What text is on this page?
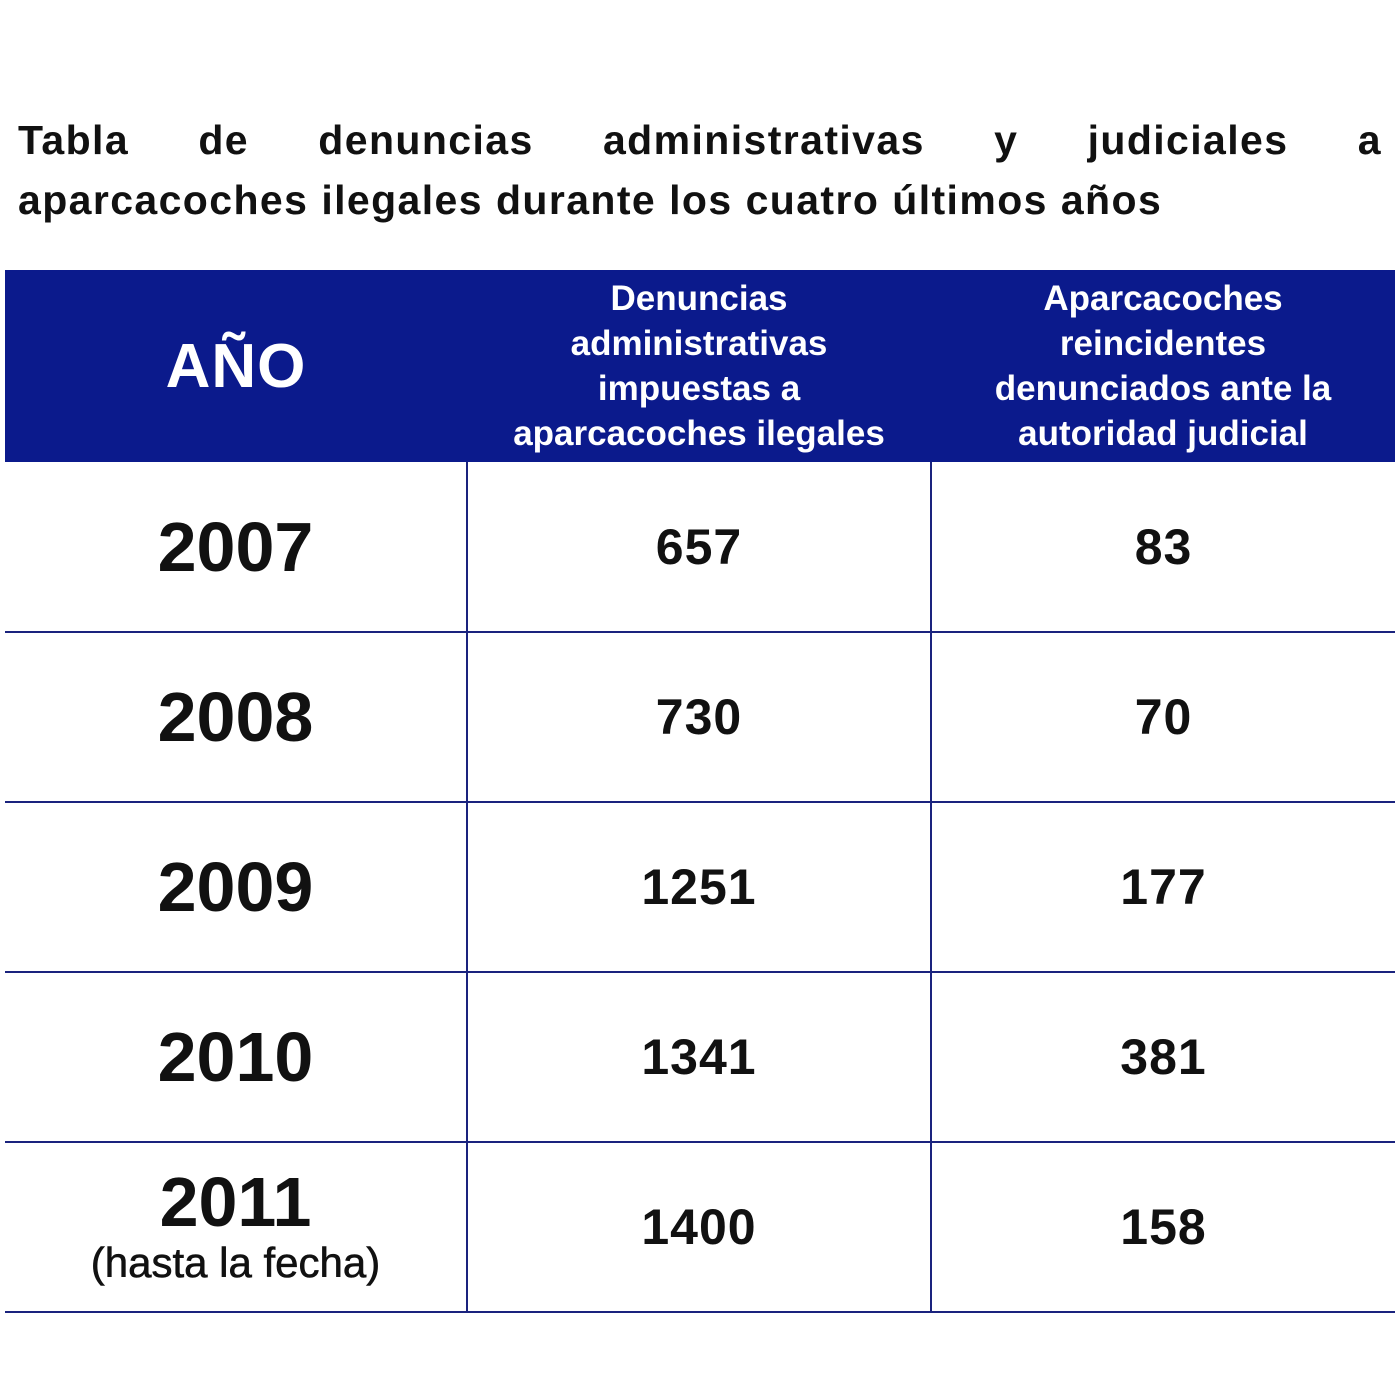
Tabla de denuncias administrativas y judiciales a
aparcacoches ilegales durante los cuatro últimos años
AÑO	Denuncias
administrativas
impuestas a
aparcacoches ilegales	Aparcacoches
reincidentes
denunciados ante la
autoridad judicial

2007	657	83
2008	730	70
2009	1251	177
2010	1341	381
2011
(hasta la fecha)	1400	158
